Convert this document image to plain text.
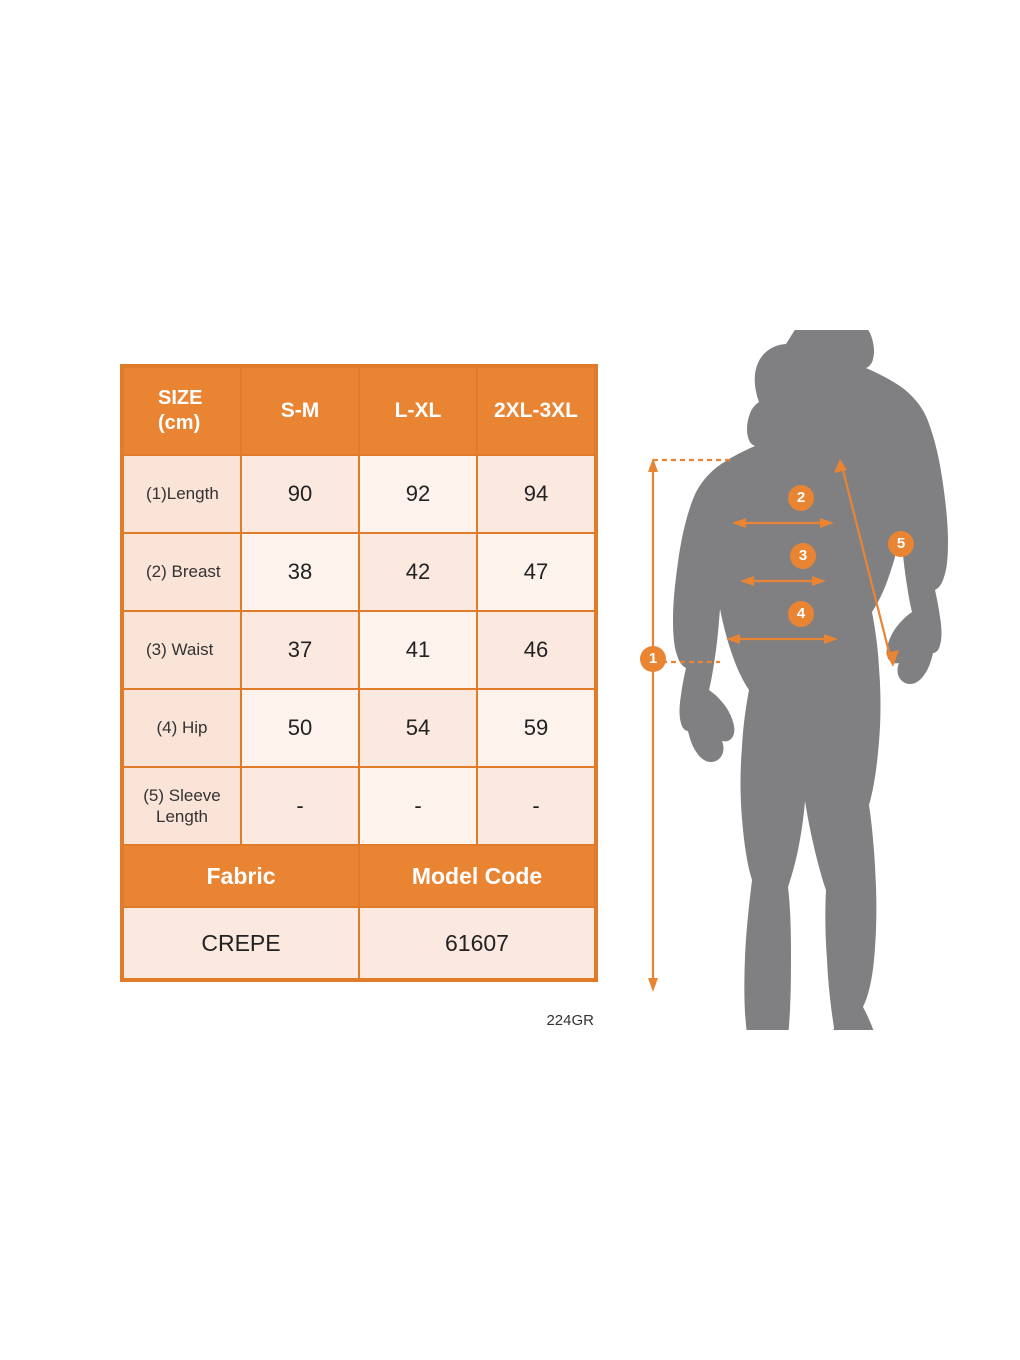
SIZE
(cm)	S-M	L-XL	2XL-3XL
(1)Length	90	92	94
(2) Breast	38	42	47
(3) Waist	37	41	46
(4) Hip	50	54	59
(5) Sleeve Length	-	-	-
Fabric		Model Code	
CREPE		61607	
224GR
1
2
3
4
5
